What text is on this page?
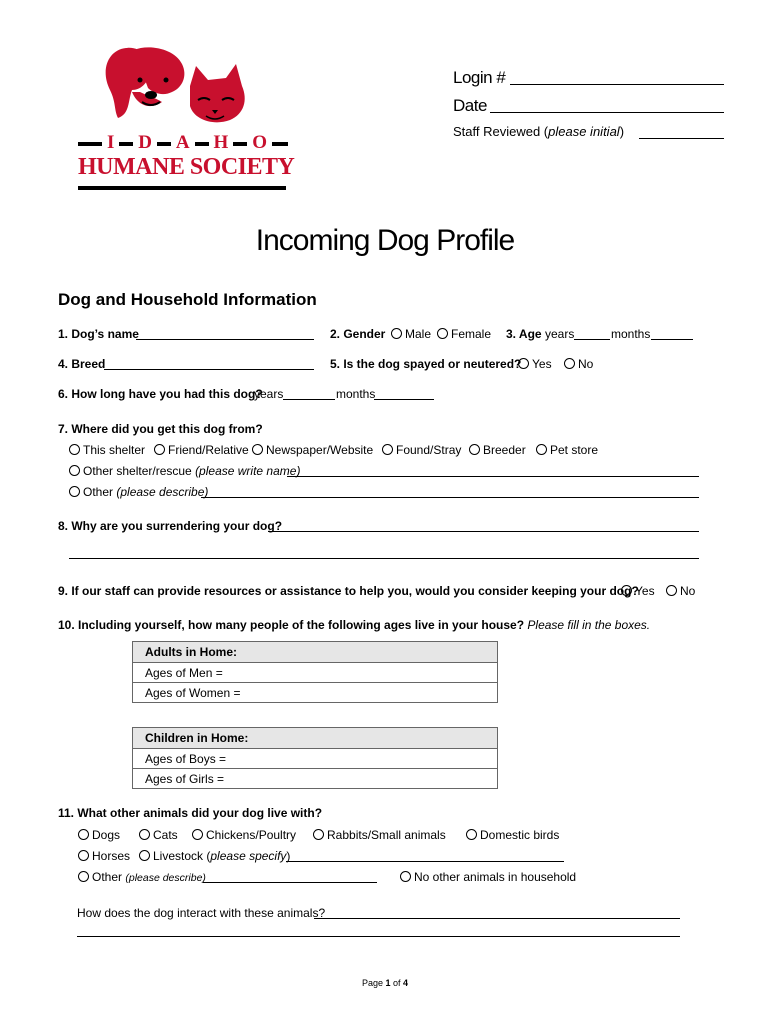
I D A H O
HUMANE SOCIETY
Login #
Date
Staff Reviewed (please initial)
Incoming Dog Profile
Dog and Household Information
1. Dog’s name	2. Gender	Male	Female 3. Age years	months
4. Breed	5. Is the dog spayed or neutered? Yes	No
6. How long have you had this dog?
years	months
7. Where did you get this dog from?
This shelter	Friend/Relative	Newspaper/Website	Found/Stray	Breeder	Pet store
Other shelter/rescue (please write name)
Other (please describe)
8. Why are you surrendering your dog?
9. If our staff can provide resources or assistance to help you, would you consider keeping your dog?
Yes	No
10. Including yourself, how many people of the following ages live in your house? Please fill in the boxes.
Adults in Home:
Ages of Men =
Ages of Women =
Children in Home:
Ages of Boys =
Ages of Girls =
11. What other animals did your dog live with?
Dogs	Cats	Chickens/Poultry	Rabbits/Small animals	Domestic birds
Horses	Livestock (please specify)
Other (please describe)	No other animals in household
How does the dog interact with these animals?
Page 1 of 4
